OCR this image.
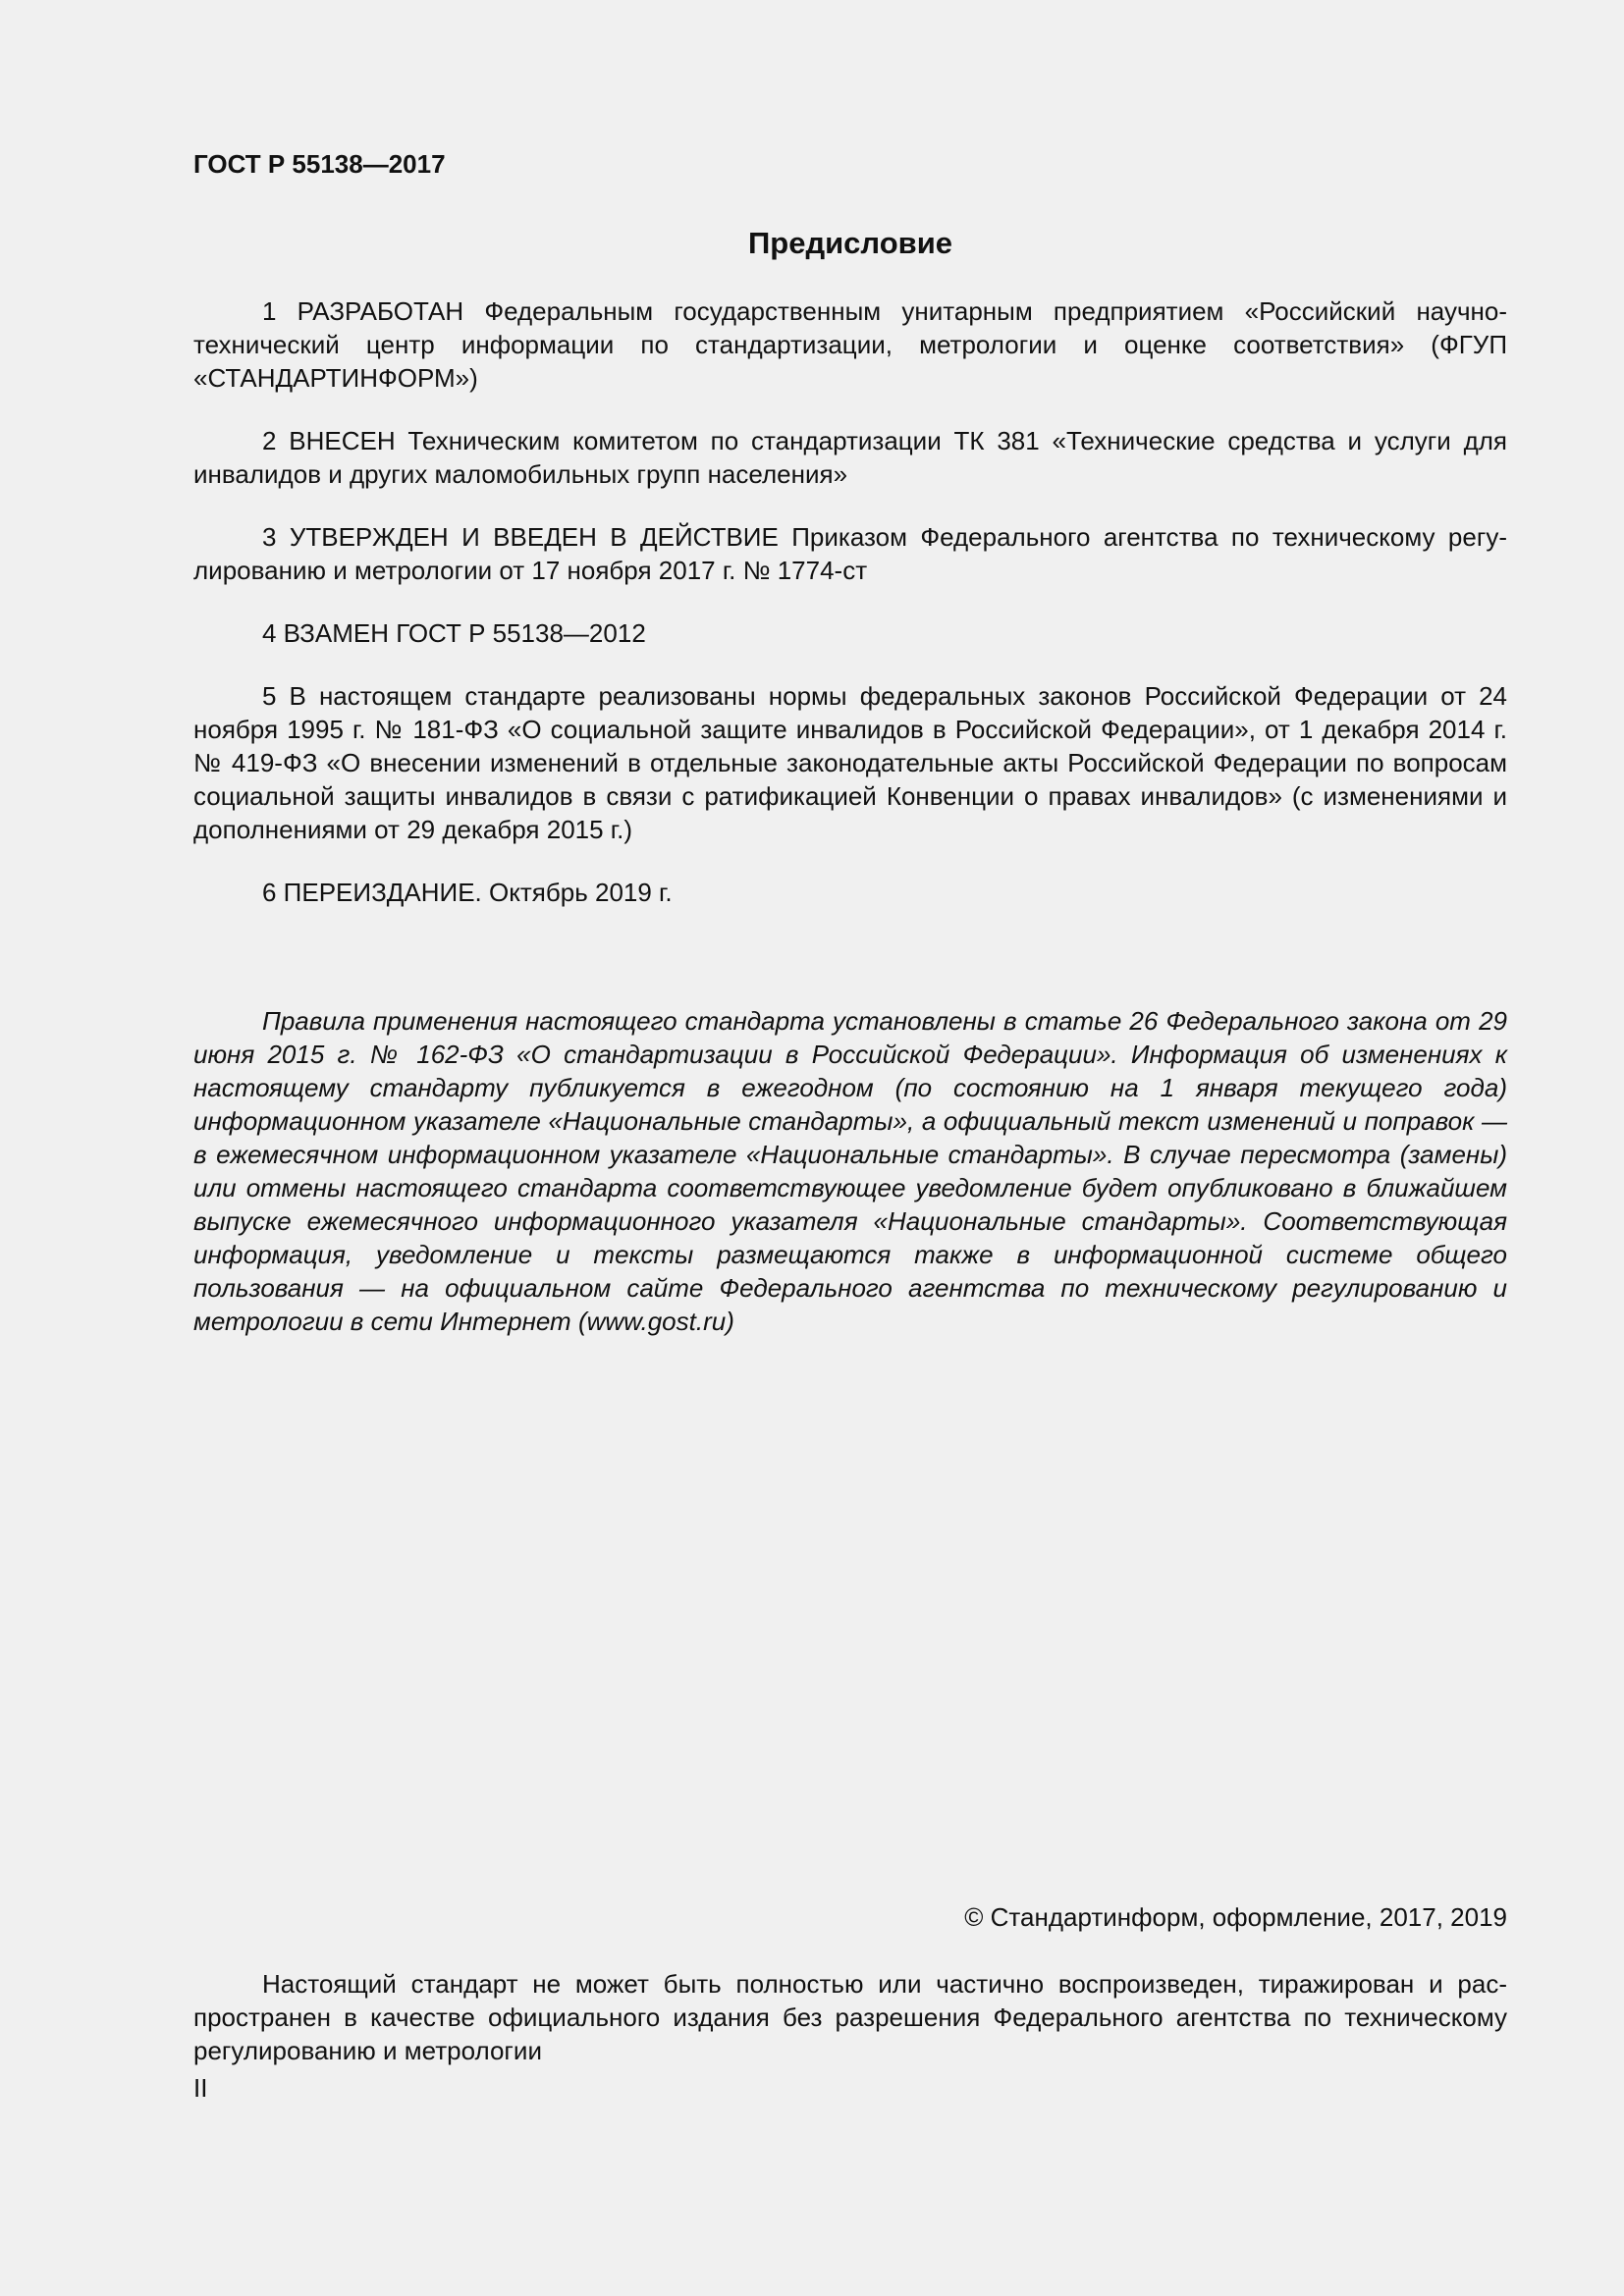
ГОСТ Р 55138—2017

Предисловие

1 РАЗРАБОТАН Федеральным государственным унитарным предприятием «Российский научно-технический центр информации по стандартизации, метрологии и оценке соответствия» (ФГУП «СТАНДАРТИНФОРМ»)

2 ВНЕСЕН Техническим комитетом по стандартизации ТК 381 «Технические средства и услуги для инвалидов и других маломобильных групп населения»

3 УТВЕРЖДЕН И ВВЕДЕН В ДЕЙСТВИЕ Приказом Федерального агентства по техническому регулированию и метрологии от 17 ноября 2017 г. № 1774-ст

4 ВЗАМЕН ГОСТ Р 55138—2012

5 В настоящем стандарте реализованы нормы федеральных законов Российской Федерации от 24 ноября 1995 г. № 181-ФЗ «О социальной защите инвалидов в Российской Федерации», от 1 декабря 2014 г. № 419-ФЗ «О внесении изменений в отдельные законодательные акты Российской Федерации по вопросам социальной защиты инвалидов в связи с ратификацией Конвенции о правах инвалидов» (с изменениями и дополнениями от 29 декабря 2015 г.)

6 ПЕРЕИЗДАНИЕ. Октябрь 2019 г.

Правила применения настоящего стандарта установлены в статье 26 Федерального закона от 29 июня 2015 г. № 162-ФЗ «О стандартизации в Российской Федерации». Информация об изменениях к настоящему стандарту публикуется в ежегодном (по состоянию на 1 января текущего года) информационном указателе «Национальные стандарты», а официальный текст изменений и поправок — в ежемесячном информационном указателе «Национальные стандарты». В случае пересмотра (замены) или отмены настоящего стандарта соответствующее уведомление будет опубликовано в ближайшем выпуске ежемесячного информационного указателя «Национальные стандарты». Соответствующая информация, уведомление и тексты размещаются также в информационной системе общего пользования — на официальном сайте Федерального агентства по техническому регулированию и метрологии в сети Интернет (www.gost.ru)

© Стандартинформ, оформление, 2017, 2019

Настоящий стандарт не может быть полностью или частично воспроизведен, тиражирован и распространен в качестве официального издания без разрешения Федерального агентства по техническому регулированию и метрологии

II
